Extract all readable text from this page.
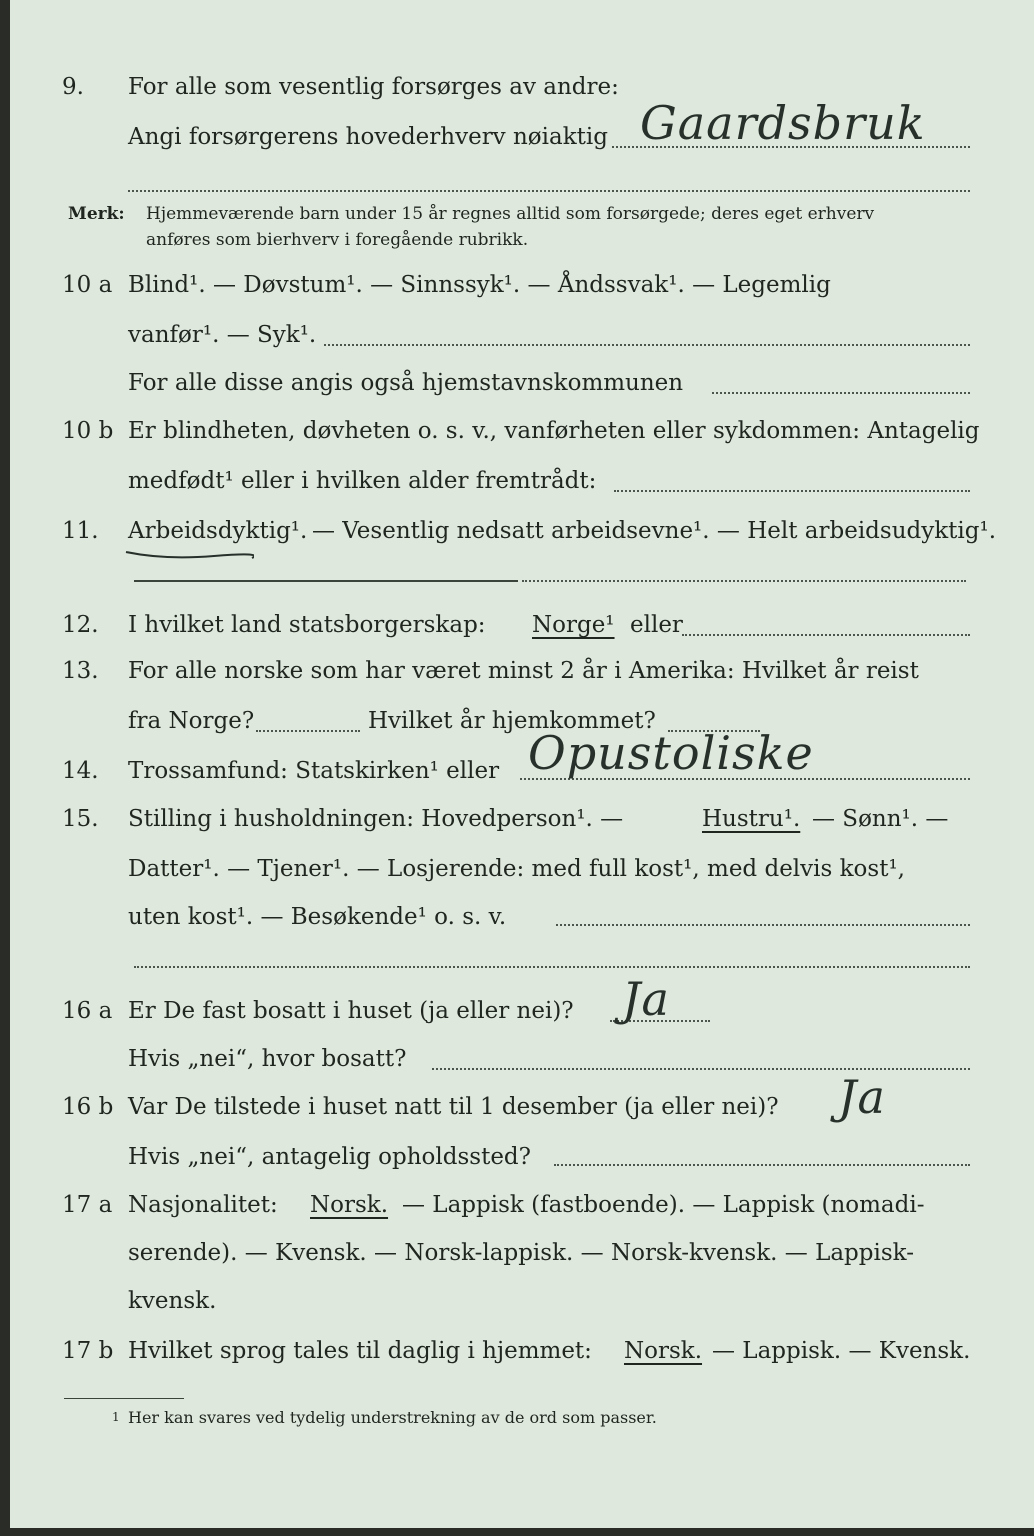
9. For alle som vesentlig forsørges av andre:
Angi forsørgerens hovederhverv nøiaktig Gaardsbruk
Merk: Hjemmeværende barn under 15 år regnes alltid som forsørgede; deres eget erhverv
anføres som bierhverv i foregående rubrikk.
10 a Blind¹. — Døvstum¹. — Sinnssyk¹. — Åndssvak¹. — Legemlig
vanfør¹. — Syk¹.
For alle disse angis også hjemstavnskommunen
10 b Er blindheten, døvheten o. s. v., vanførheten eller sykdommen: Antagelig
medfødt¹ eller i hvilken alder fremtrådt:
11. Arbeidsdyktig¹. — Vesentlig nedsatt arbeidsevne¹. — Helt arbeidsudyktig¹.
12. I hvilket land statsborgerskap: Norge¹ eller
13. For alle norske som har været minst 2 år i Amerika: Hvilket år reist
fra Norge?	Hvilket år hjemkommet?
14. Trossamfund: Statskirken¹ eller Opustoliske
15. Stilling i husholdningen: Hovedperson¹. —	Hustru¹. — Sønn¹. —
Datter¹. — Tjener¹. — Losjerende: med full kost¹, med delvis kost¹,
uten kost¹. — Besøkende¹ o. s. v.
16 a Er De fast bosatt i huset (ja eller nei)? Ja
Hvis „nei“, hvor bosatt?
16 b Var De tilstede i huset natt til 1 desember (ja eller nei)? Ja
Hvis „nei“, antagelig opholdssted?
17 a Nasjonalitet: Norsk. — Lappisk (fastboende). — Lappisk (nomadi-
serende). — Kvensk. — Norsk-lappisk. — Norsk-kvensk. — Lappisk-
kvensk.
17 b Hvilket sprog tales til daglig i hjemmet: Norsk. — Lappisk. — Kvensk.
1 Her kan svares ved tydelig understrekning av de ord som passer.
